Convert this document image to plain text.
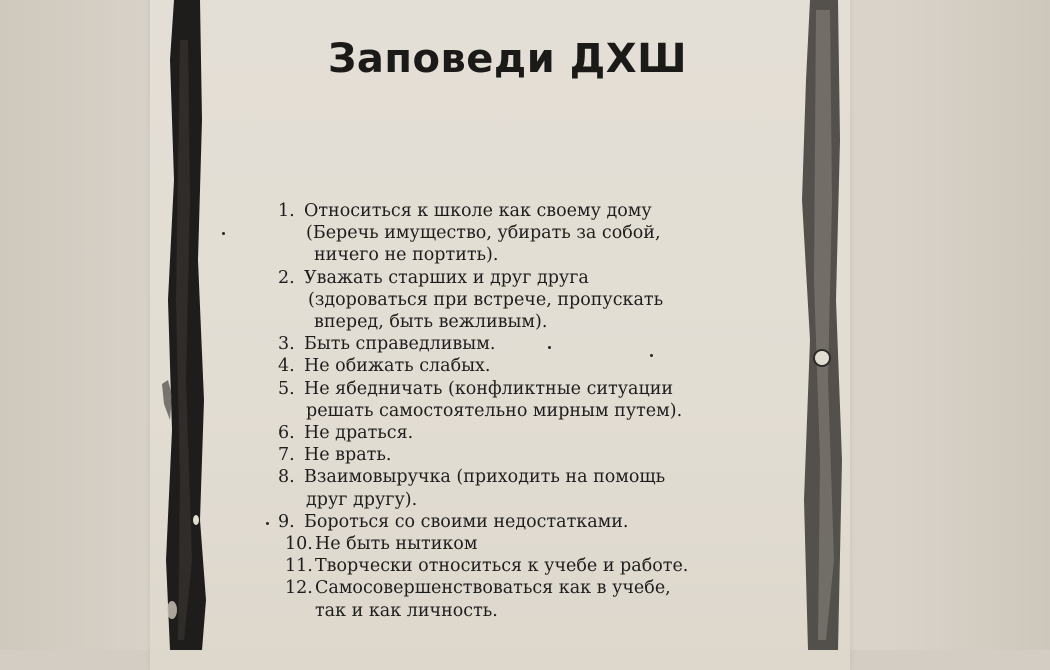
Заповеди ДХШ
1. Относиться к школе как своему дому
(Беречь имущество, убирать за собой,
ничего не портить).
2. Уважать старших и друг друга
(здороваться при встрече, пропускать
вперед, быть вежливым).
3. Быть справедливым.
4. Не обижать слабых.
5. Не ябедничать (конфликтные ситуации
решать самостоятельно мирным путем).
6. Не драться.
7. Не врать.
8. Взаимовыручка (приходить на помощь
друг другу).
9. Бороться со своими недостатками.
10. Не быть нытиком
11. Творчески относиться к учебе и работе.
12. Самосовершенствоваться как в учебе,
так и как личность.
